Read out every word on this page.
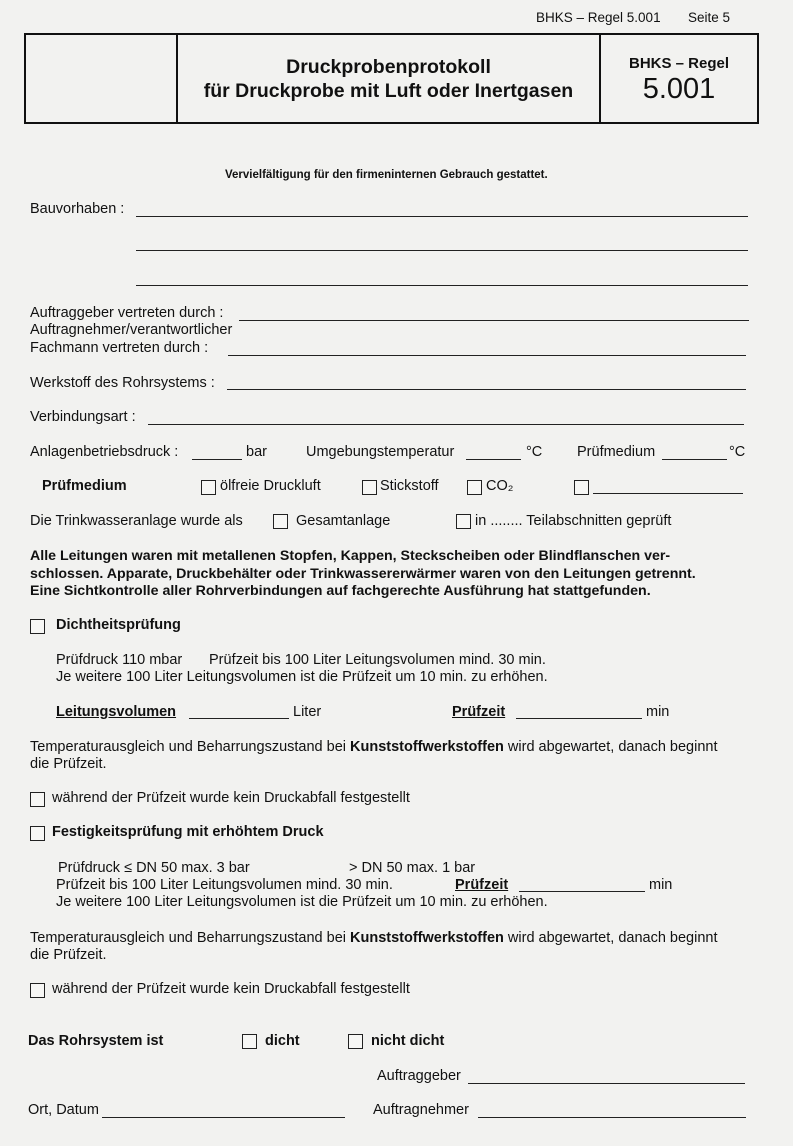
BHKS – Regel 5.001 Seite 5
Druckprobenprotokoll
für Druckprobe mit Luft oder Inertgasen
BHKS – Regel
5.001
Vervielfältigung für den firmeninternen Gebrauch gestattet.
Bauvorhaben :
Auftraggeber vertreten durch :
Auftragnehmer/verantwortlicher
Fachmann vertreten durch :
Werkstoff des Rohrsystems :
Verbindungsart :
Anlagenbetriebsdruck :	bar	Umgebungstemperatur	°C Prüfmedium	°C
Prüfmedium	ölfreie Druckluft	Stickstoff	CO₂
Die Trinkwasseranlage wurde als	Gesamtanlage	in ........ Teilabschnitten geprüft
Alle Leitungen waren mit metallenen Stopfen, Kappen, Steckscheiben oder Blindflanschen ver-
schlossen. Apparate, Druckbehälter oder Trinkwassererwärmer waren von den Leitungen getrennt.
Eine Sichtkontrolle aller Rohrverbindungen auf fachgerechte Ausführung hat stattgefunden.
Dichtheitsprüfung
Prüfdruck 110 mbar Prüfzeit bis 100 Liter Leitungsvolumen mind. 30 min.
Je weitere 100 Liter Leitungsvolumen ist die Prüfzeit um 10 min. zu erhöhen.
Leitungsvolumen	Liter	Prüfzeit	min
Temperaturausgleich und Beharrungszustand bei Kunststoffwerkstoffen wird abgewartet, danach beginnt
die Prüfzeit.
während der Prüfzeit wurde kein Druckabfall festgestellt
Festigkeitsprüfung mit erhöhtem Druck
Prüfdruck ≤ DN 50 max. 3 bar	> DN 50 max. 1 bar
Prüfzeit bis 100 Liter Leitungsvolumen mind. 30 min.	Prüfzeit	min
Je weitere 100 Liter Leitungsvolumen ist die Prüfzeit um 10 min. zu erhöhen.
Temperaturausgleich und Beharrungszustand bei Kunststoffwerkstoffen wird abgewartet, danach beginnt
die Prüfzeit.
während der Prüfzeit wurde kein Druckabfall festgestellt
Das Rohrsystem ist	dicht	nicht dicht
Auftraggeber
Ort, Datum	Auftragnehmer
